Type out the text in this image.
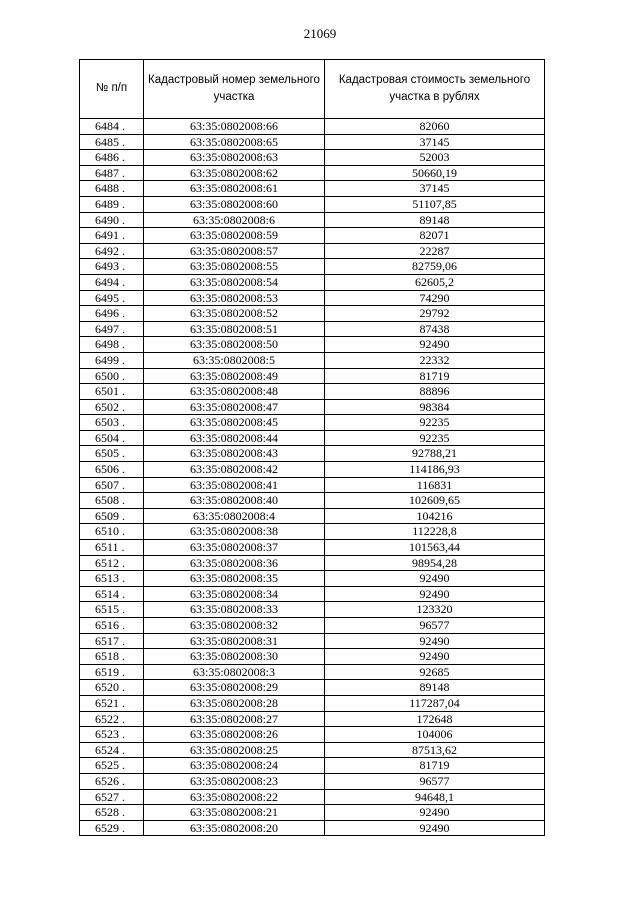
21069
№ п/п	Кадастровый номер земельного участка	Кадастровая стоимость земельного участка в рублях
6484 .	63:35:0802008:66	82060
6485 .	63:35:0802008:65	37145
6486 .	63:35:0802008:63	52003
6487 .	63:35:0802008:62	50660,19
6488 .	63:35:0802008:61	37145
6489 .	63:35:0802008:60	51107,85
6490 .	63:35:0802008:6	89148
6491 .	63:35:0802008:59	82071
6492 .	63:35:0802008:57	22287
6493 .	63:35:0802008:55	82759,06
6494 .	63:35:0802008:54	62605,2
6495 .	63:35:0802008:53	74290
6496 .	63:35:0802008:52	29792
6497 .	63:35:0802008:51	87438
6498 .	63:35:0802008:50	92490
6499 .	63:35:0802008:5	22332
6500 .	63:35:0802008:49	81719
6501 .	63:35:0802008:48	88896
6502 .	63:35:0802008:47	98384
6503 .	63:35:0802008:45	92235
6504 .	63:35:0802008:44	92235
6505 .	63:35:0802008:43	92788,21
6506 .	63:35:0802008:42	114186,93
6507 .	63:35:0802008:41	116831
6508 .	63:35:0802008:40	102609,65
6509 .	63:35:0802008:4	104216
6510 .	63:35:0802008:38	112228,8
6511 .	63:35:0802008:37	101563,44
6512 .	63:35:0802008:36	98954,28
6513 .	63:35:0802008:35	92490
6514 .	63:35:0802008:34	92490
6515 .	63:35:0802008:33	123320
6516 .	63:35:0802008:32	96577
6517 .	63:35:0802008:31	92490
6518 .	63:35:0802008:30	92490
6519 .	63:35:0802008:3	92685
6520 .	63:35:0802008:29	89148
6521 .	63:35:0802008:28	117287,04
6522 .	63:35:0802008:27	172648
6523 .	63:35:0802008:26	104006
6524 .	63:35:0802008:25	87513,62
6525 .	63:35:0802008:24	81719
6526 .	63:35:0802008:23	96577
6527 .	63:35:0802008:22	94648,1
6528 .	63:35:0802008:21	92490
6529 .	63:35:0802008:20	92490
